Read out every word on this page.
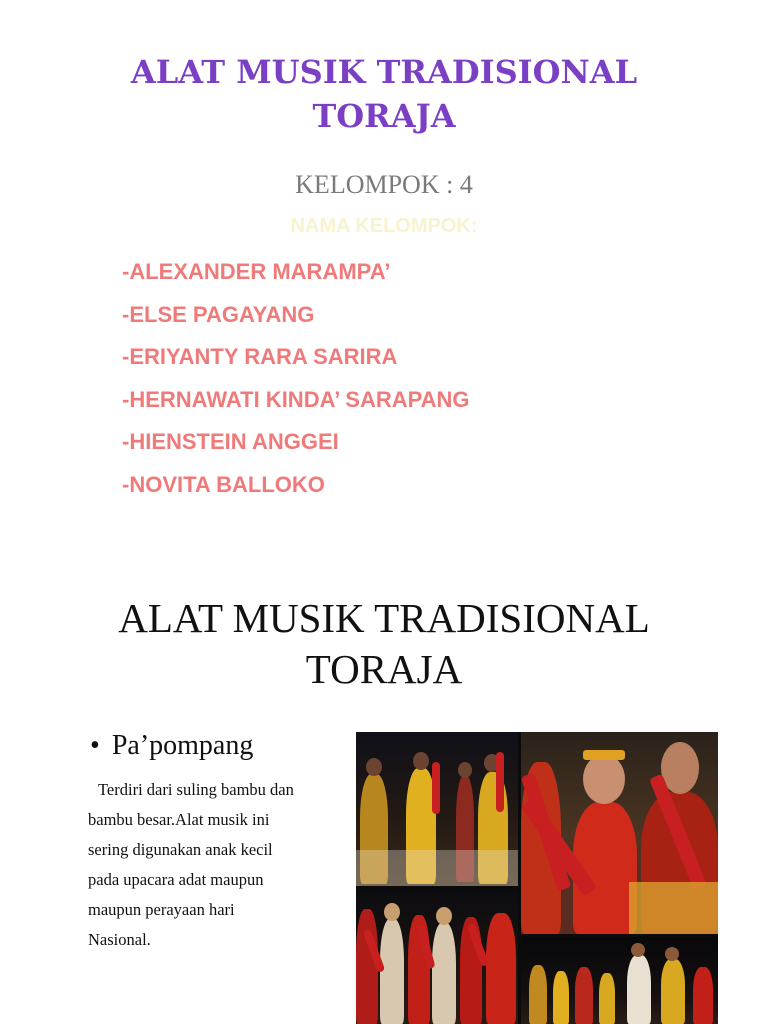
ALAT MUSIK TRADISIONAL
TORAJA
KELOMPOK : 4
NAMA KELOMPOK:
-ALEXANDER MARAMPA’
-ELSE PAGAYANG
-ERIYANTY RARA SARIRA
-HERNAWATI KINDA’ SARAPANG
-HIENSTEIN ANGGEI
-NOVITA BALLOKO
ALAT MUSIK TRADISIONAL
TORAJA
• Pa’pompang
Terdiri dari suling bambu dan
bambu besar.Alat musik ini
sering digunakan anak kecil
pada upacara adat maupun
maupun perayaan hari
Nasional.
